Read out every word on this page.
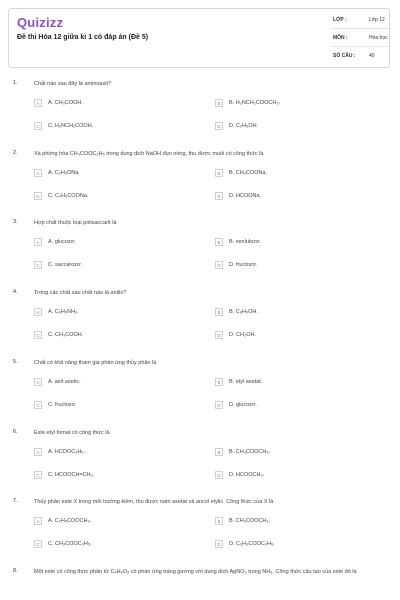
Quizizz
Đề thi Hóa 12 giữa kì 1 có đáp án (Đề 5)
LỚP :	Lớp 12
MÔN :	Hóa học
SỐ CÂU :	40
1.	Chất nào sau đây là aminoaxit?
A	A. CH₃COOH.	B	B. H₂NCH₂COOCH₃.
C	C. H₂NCH₂COOH.	D	D. C₂H₅OH.
2.	Xà phòng hóa CH₃COOC₂H₅ trong dung dịch NaOH đun nóng, thu được muối có công thức là
A	A. C₂H₅ONa.	B	B. CH₃COONa.
C	C. C₂H₅COONa.	D	D. HCOONa.
3.	Hợp chất thuộc loại polisaccarit là
A	A. glucozơ.	B	B. xenlulozơ.
C	C. saccarozơ.	D	D. fructozơ.
4.	Trong các chất sau chất nào là anilin?
A	A. C₆H₅NH₂.	B	B. C₆H₅OH.
C	C. CH₃COOH.	D	D. CH₃OH.
5.	Chất có khả năng tham gia phản ứng thủy phân là
A	A. axit axetic.	B	B. etyl axetat.
C	C. fructozơ.	D	D. glucozơ.
6.	Este etyl fomat có công thức là
A	A. HCOOC₂H₅.	B	B. CH₃COOCH₃.
C	C. HCOOCH=CH₂.	D	D. HCOOCH₃.
7.	Thủy phân este X trong môi trường kiềm, thu được natri axetat và ancol etylic. Công thức của X là
A	A. C₂H₅COOCH₃.	B	B. CH₃COOCH₃.
C	C. CH₃COOC₂H₅.	D	D. C₂H₃COOC₂H₅.
8.	Một este có công thức phân tử C₄H₆O₂ có phản ứng tráng gương với dung dịch AgNO₃ trong NH₃. Công thức cấu tạo của este đó là
